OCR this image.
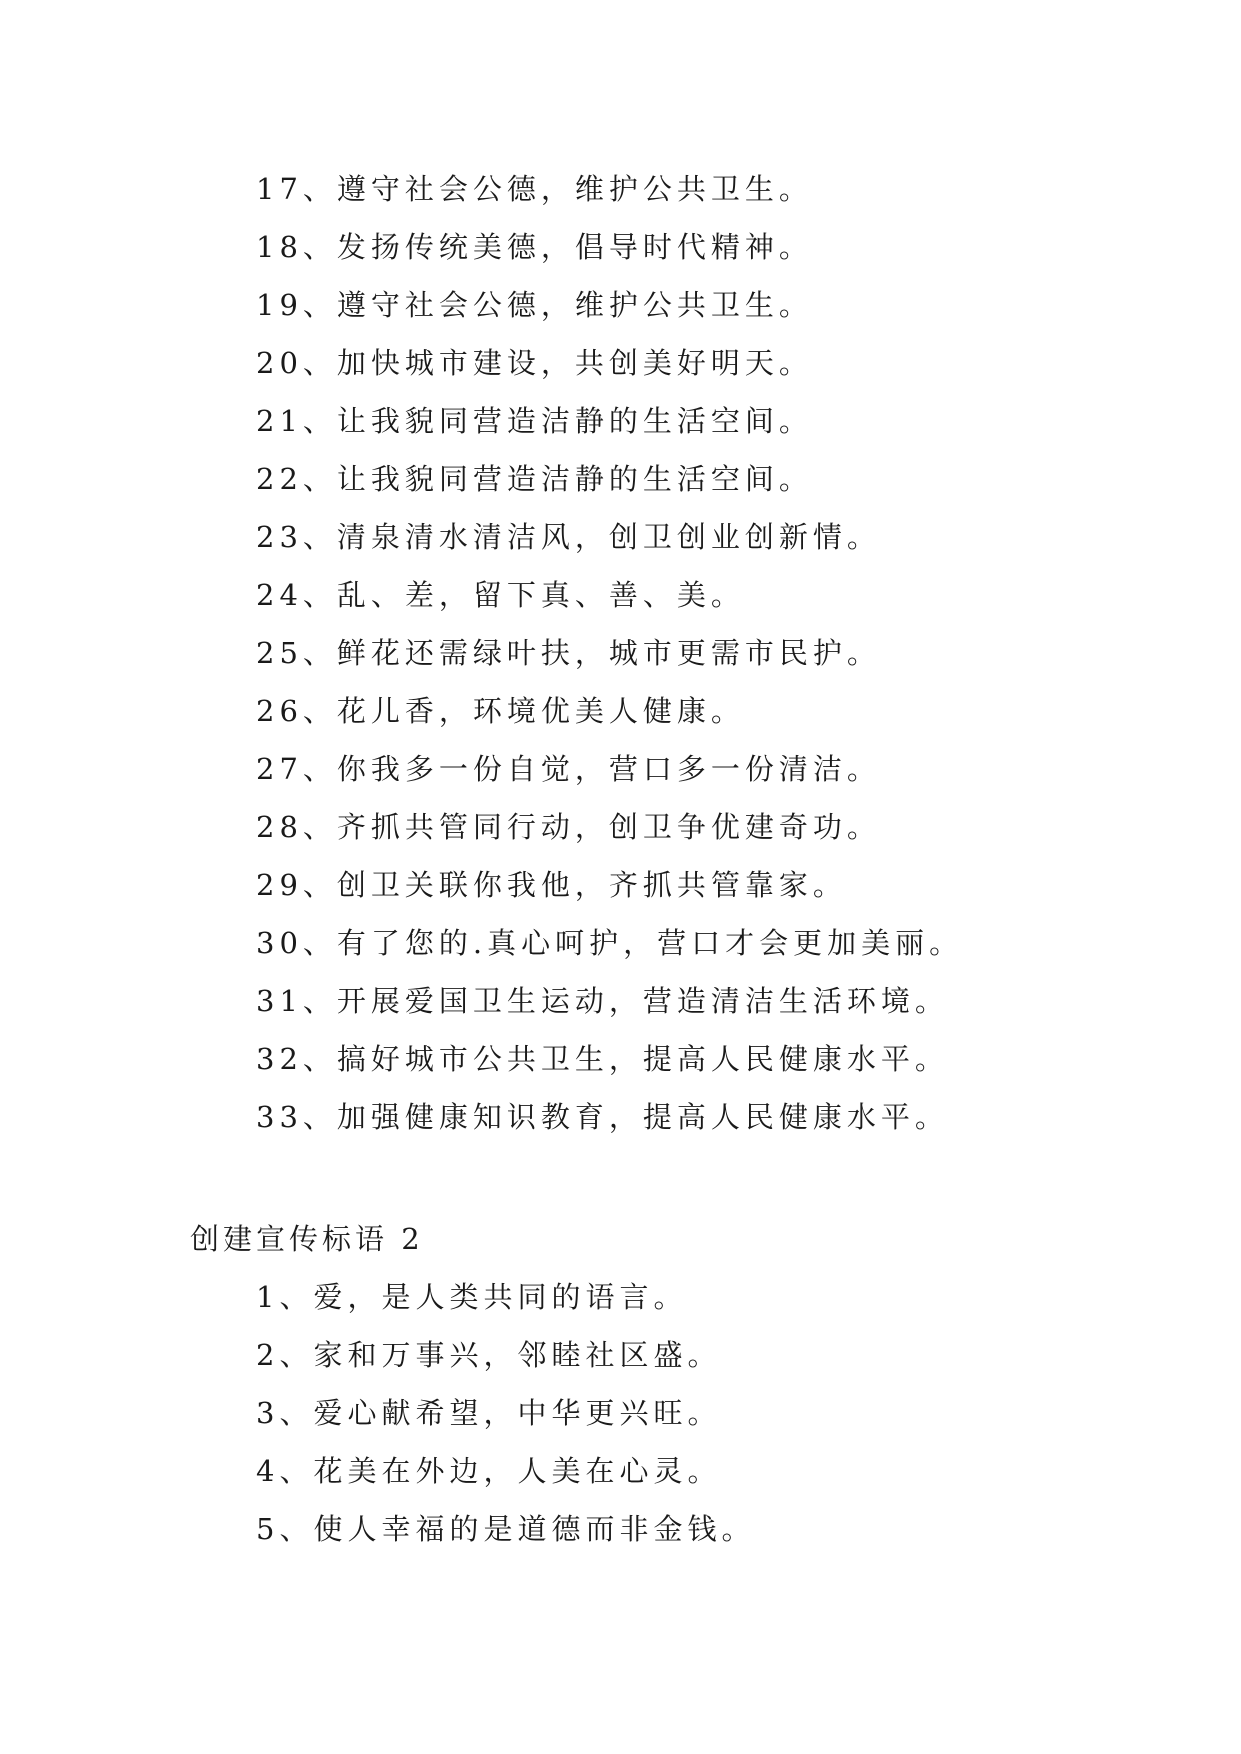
17、遵守社会公德，维护公共卫生。
18、发扬传统美德，倡导时代精神。
19、遵守社会公德，维护公共卫生。
20、加快城市建设，共创美好明天。
21、让我貌同营造洁静的生活空间。
22、让我貌同营造洁静的生活空间。
23、清泉清水清洁风，创卫创业创新情。
24、乱、差，留下真、善、美。
25、鲜花还需绿叶扶，城市更需市民护。
26、花儿香，环境优美人健康。
27、你我多一份自觉，营口多一份清洁。
28、齐抓共管同行动，创卫争优建奇功。
29、创卫关联你我他，齐抓共管靠家。
30、有了您的.真心呵护，营口才会更加美丽。
31、开展爱国卫生运动，营造清洁生活环境。
32、搞好城市公共卫生，提高人民健康水平。
33、加强健康知识教育，提高人民健康水平。
创建宣传标语 2
1、爱，是人类共同的语言。
2、家和万事兴，邻睦社区盛。
3、爱心献希望，中华更兴旺。
4、花美在外边，人美在心灵。
5、使人幸福的是道德而非金钱。
